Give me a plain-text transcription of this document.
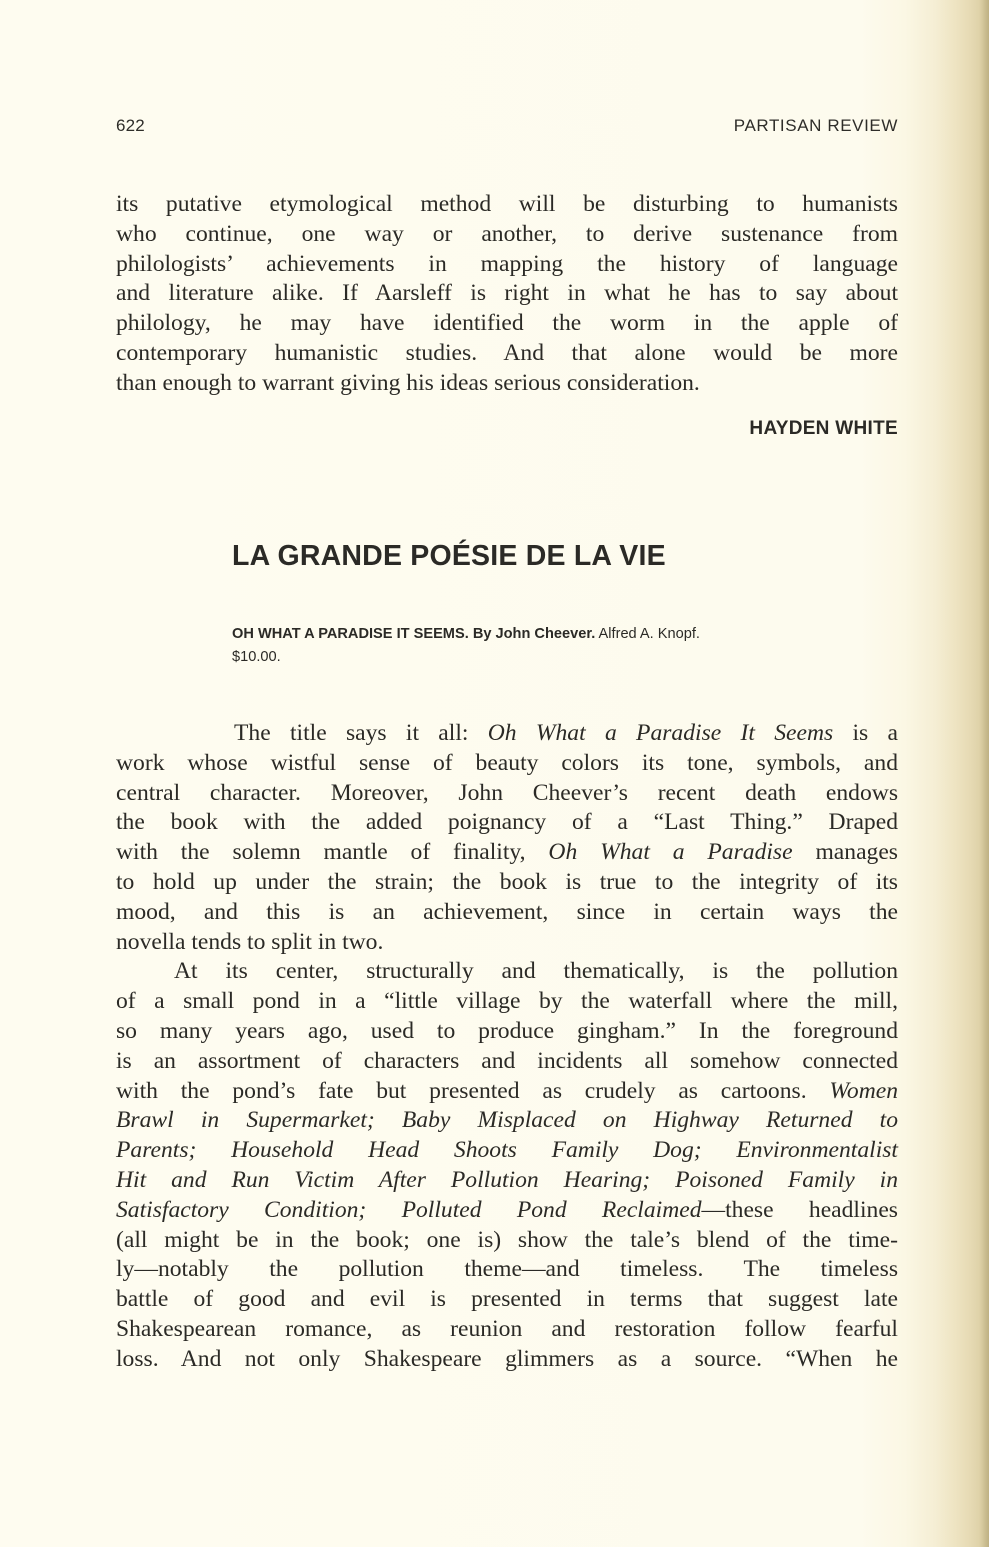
622	PARTISAN REVIEW
its putative etymological method will be disturbing to humanists
who continue, one way or another, to derive sustenance from
philologists’ achievements in mapping the history of language
and literature alike. If Aarsleff is right in what he has to say about
philology, he may have identified the worm in the apple of
contemporary humanistic studies. And that alone would be more
than enough to warrant giving his ideas serious consideration.
HAYDEN WHITE
LA GRANDE POÉSIE DE LA VIE
OH WHAT A PARADISE IT SEEMS. By John Cheever. Alfred A. Knopf.
$10.00.
The title says it all: Oh What a Paradise It Seems is a
work whose wistful sense of beauty colors its tone, symbols, and
central character. Moreover, John Cheever’s recent death endows
the book with the added poignancy of a “Last Thing.” Draped
with the solemn mantle of finality, Oh What a Paradise manages
to hold up under the strain; the book is true to the integrity of its
mood, and this is an achievement, since in certain ways the
novella tends to split in two.
At its center, structurally and thematically, is the pollution
of a small pond in a “little village by the waterfall where the mill,
so many years ago, used to produce gingham.” In the foreground
is an assortment of characters and incidents all somehow connected
with the pond’s fate but presented as crudely as cartoons. Women
Brawl in Supermarket; Baby Misplaced on Highway Returned to
Parents; Household Head Shoots Family Dog; Environmentalist
Hit and Run Victim After Pollution Hearing; Poisoned Family in
Satisfactory Condition; Polluted Pond Reclaimed—these headlines
(all might be in the book; one is) show the tale’s blend of the time-
ly—notably the pollution theme—and timeless. The timeless
battle of good and evil is presented in terms that suggest late
Shakespearean romance, as reunion and restoration follow fearful
loss. And not only Shakespeare glimmers as a source. “When he
